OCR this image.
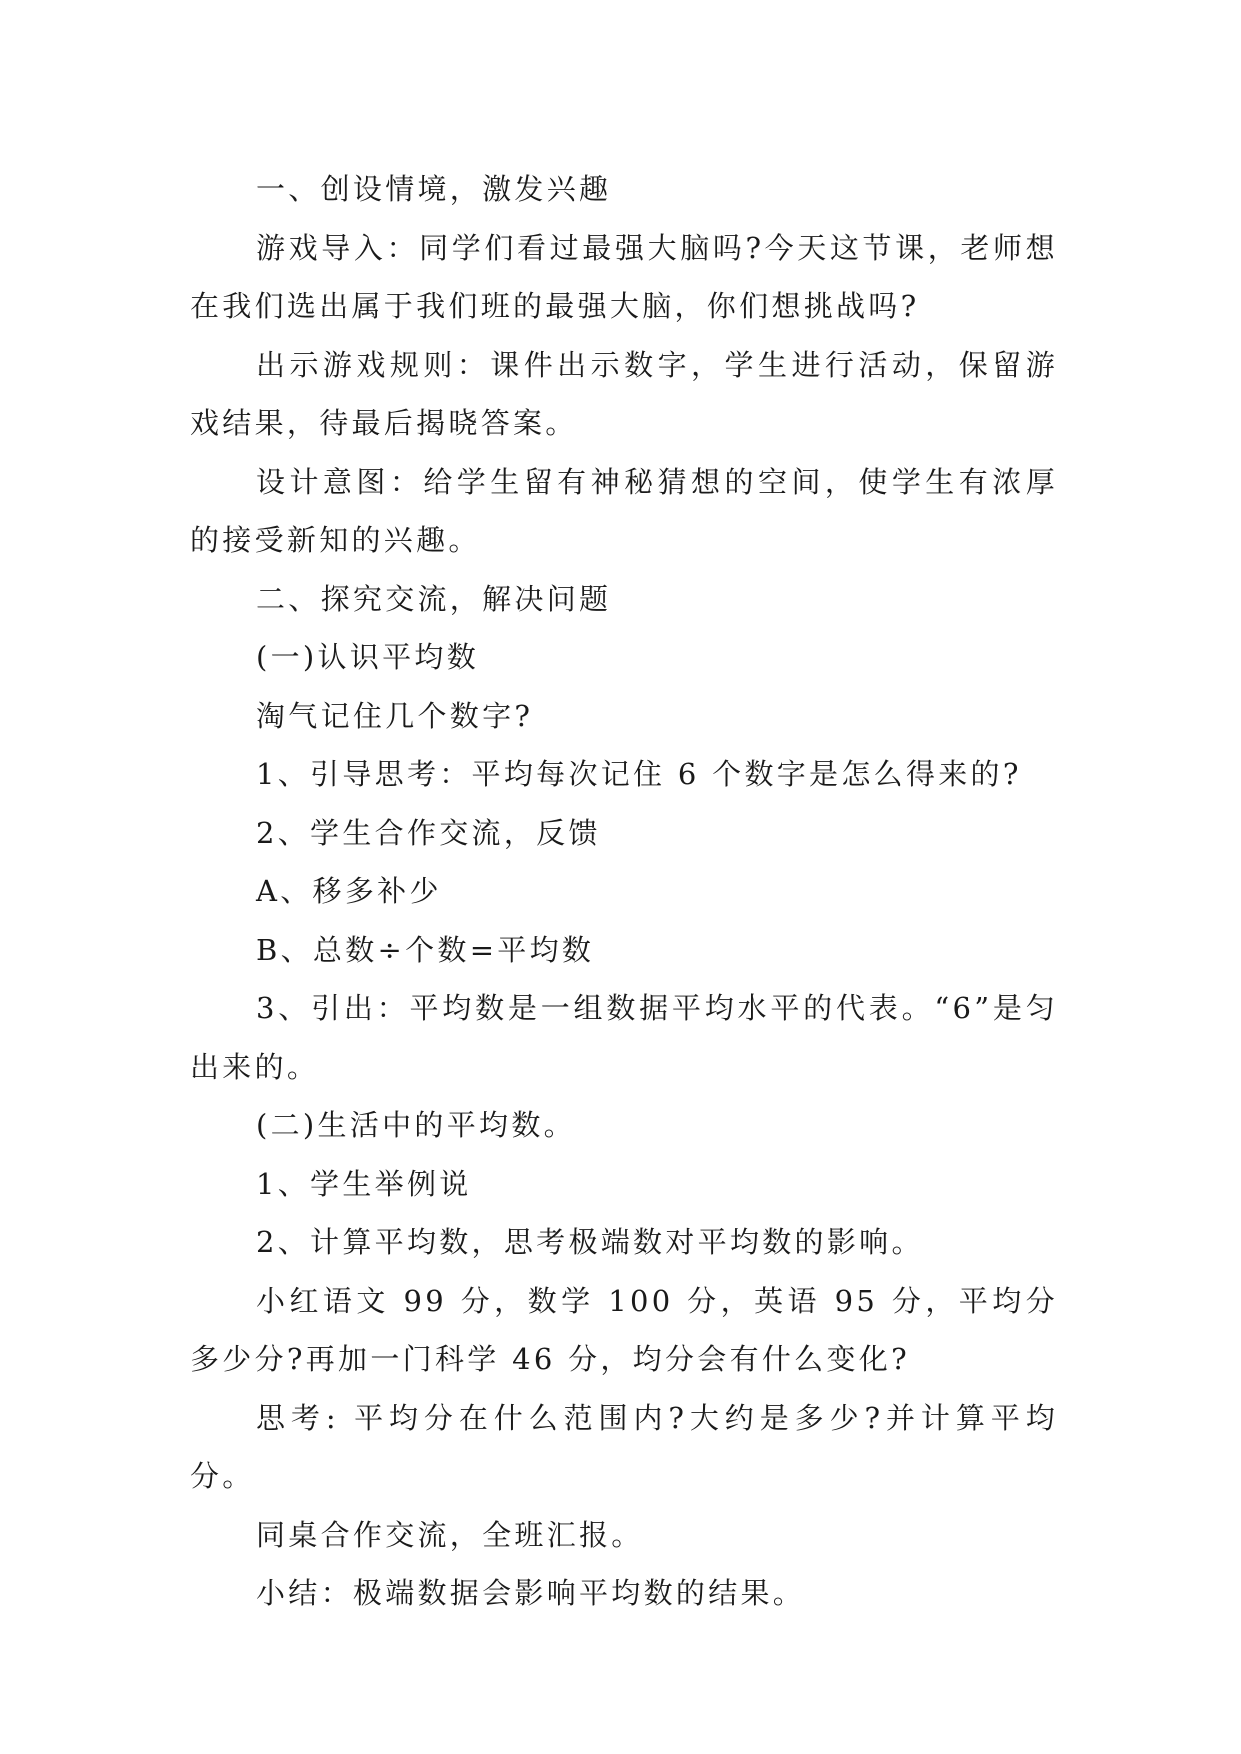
一、创设情境，激发兴趣

游戏导入：同学们看过最强大脑吗?今天这节课，老师想在我们选出属于我们班的最强大脑，你们想挑战吗?

出示游戏规则：课件出示数字，学生进行活动，保留游戏结果，待最后揭晓答案。

设计意图：给学生留有神秘猜想的空间，使学生有浓厚的接受新知的兴趣。

二、探究交流，解决问题

(一)认识平均数

淘气记住几个数字?

1、引导思考：平均每次记住 6 个数字是怎么得来的?

2、学生合作交流，反馈

A、移多补少

B、总数÷个数=平均数

3、引出：平均数是一组数据平均水平的代表。“6”是匀出来的。

(二)生活中的平均数。

1、学生举例说

2、计算平均数，思考极端数对平均数的影响。

小红语文 99 分，数学 100 分，英语 95 分，平均分多少分?再加一门科学 46 分，均分会有什么变化?

思考: 平均分在什么范围内?大约是多少?并计算平均分。

同桌合作交流，全班汇报。

小结：极端数据会影响平均数的结果。
